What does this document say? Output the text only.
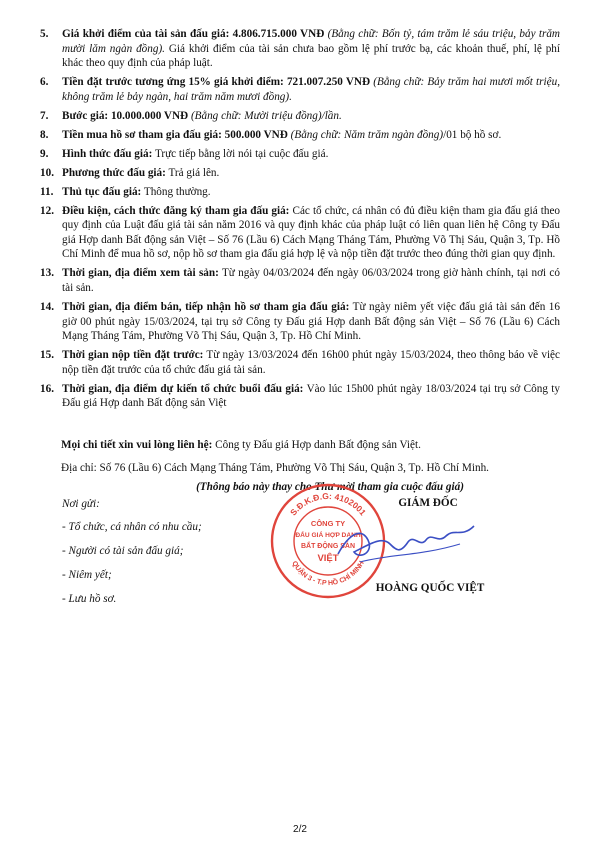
5.	Giá khởi điểm của tài sản đấu giá: 4.806.715.000 VNĐ (Bằng chữ: Bốn tỷ, tám trăm lẻ sáu triệu, bảy trăm mười lăm ngàn đồng). Giá khởi điểm của tài sản chưa bao gồm lệ phí trước bạ, các khoản thuế, phí, lệ phí khác theo quy định của pháp luật.
6.	Tiền đặt trước tương ứng 15% giá khởi điểm: 721.007.250 VNĐ (Bằng chữ: Bảy trăm hai mươi mốt triệu, không trăm lẻ bảy ngàn, hai trăm năm mươi đồng).
7.	Bước giá: 10.000.000 VNĐ (Bằng chữ: Mười triệu đồng)/lần.
8.	Tiền mua hồ sơ tham gia đấu giá: 500.000 VNĐ (Bằng chữ: Năm trăm ngàn đồng)/01 bộ hồ sơ.
9.	Hình thức đấu giá: Trực tiếp bằng lời nói tại cuộc đấu giá.
10. Phương thức đấu giá: Trả giá lên.
11. Thủ tục đấu giá: Thông thường.
12. Điều kiện, cách thức đăng ký tham gia đấu giá: Các tổ chức, cá nhân có đủ điều kiện tham gia đấu giá theo quy định của Luật đấu giá tài sản năm 2016 và quy định khác của pháp luật có liên quan liên hệ Công ty Đấu giá Hợp danh Bất động sản Việt – Số 76 (Lầu 6) Cách Mạng Tháng Tám, Phường Võ Thị Sáu, Quận 3, Tp. Hồ Chí Minh để mua hồ sơ, nộp hồ sơ tham gia đấu giá hợp lệ và nộp tiền đặt trước theo đúng thời gian quy định.
13. Thời gian, địa điểm xem tài sản: Từ ngày 04/03/2024 đến ngày 06/03/2024 trong giờ hành chính, tại nơi có tài sản.
14. Thời gian, địa điểm bán, tiếp nhận hồ sơ tham gia đấu giá: Từ ngày niêm yết việc đấu giá tài sản đến 16 giờ 00 phút ngày 15/03/2024, tại trụ sở Công ty Đấu giá Hợp danh Bất động sản Việt – Số 76 (Lầu 6) Cách Mạng Tháng Tám, Phường Võ Thị Sáu, Quận 3, Tp. Hồ Chí Minh.
15. Thời gian nộp tiền đặt trước: Từ ngày 13/03/2024 đến 16h00 phút ngày 15/03/2024, theo thông báo về việc nộp tiền đặt trước của tổ chức đấu giá tài sản.
16. Thời gian, địa điểm dự kiến tổ chức buổi đấu giá: Vào lúc 15h00 phút ngày 18/03/2024 tại trụ sở Công ty Đấu giá Hợp danh Bất động sản Việt

Mọi chi tiết xin vui lòng liên hệ: Công ty Đấu giá Hợp danh Bất động sản Việt.

Địa chỉ: Số 76 (Lầu 6) Cách Mạng Tháng Tám, Phường Võ Thị Sáu, Quận 3, Tp. Hồ Chí Minh.

(Thông báo này thay cho Thư mời tham gia cuộc đấu giá)
Nơi gửi:
- Tổ chức, cá nhân có nhu cầu;
- Người có tài sản đấu giá;
- Niêm yết;
- Lưu hồ sơ.
S.Đ.K.Đ.G: 4102001
QUẬN 3 - T.P HỒ CHÍ MINH
CÔNG TY
ĐẤU GIÁ HỢP DANH
BẤT ĐỘNG SẢN
VIỆT
GIÁM ĐỐC
HOÀNG QUỐC VIỆT
2/2
